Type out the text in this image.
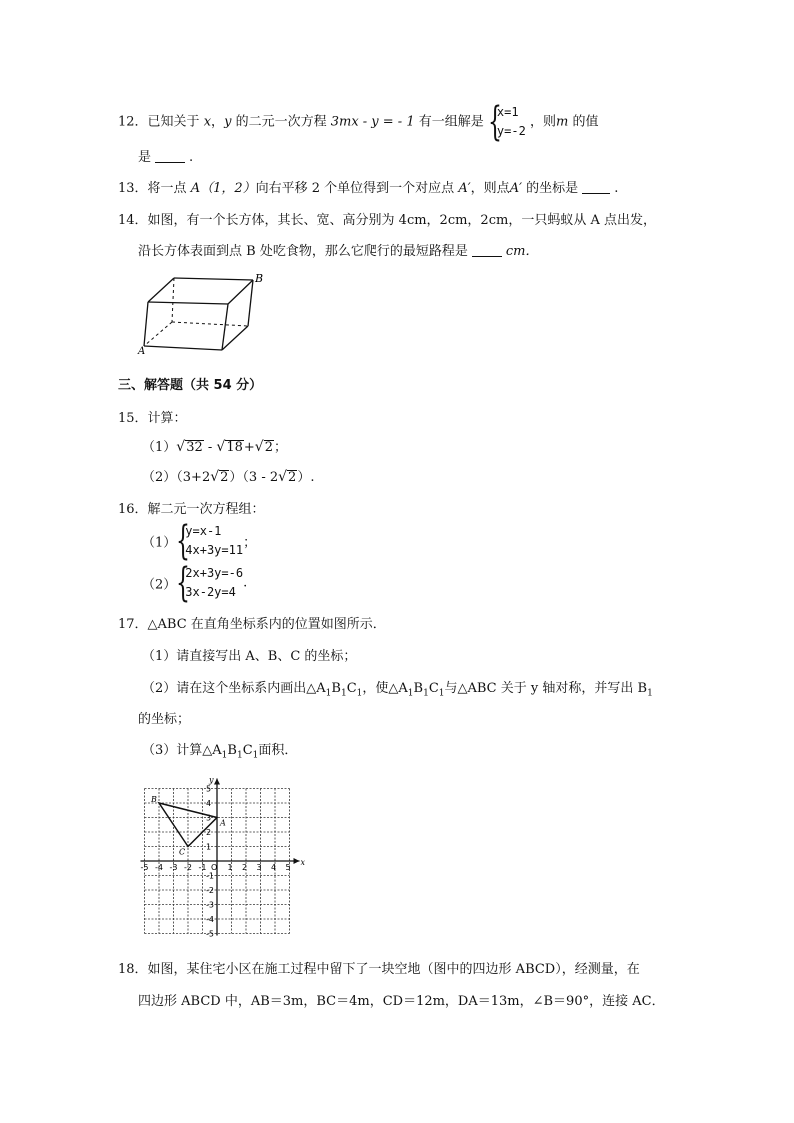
12．已知关于 x，y 的二元一次方程 3mx - y = - 1 有一组解是 {
x=1
y=-2 ，则m 的值
是	.
13．将一点 A（1，2）向右平移 2 个单位得到一个对应点 A′，则点A′ 的坐标是	.
14．如图，有一个长方体，其长、宽、高分别为 4cm，2cm，2cm，一只蚂蚁从 A 点出发，
沿长方体表面到点 B 处吃食物，那么它爬行的最短路程是	cm．
B
A
三、解答题（共 54 分）
15．计算：
（1）√32 - √18+√2；
（2）（3+2√2）（3 - 2√2）.
16．解二元一次方程组：
（1） {
y=x-1
4x+3y=11；
（2） {
2x+3y=-6
3x-2y=4.
17．△ABC 在直角坐标系内的位置如图所示．
（1）请直接写出 A、B、C 的坐标；
（2）请在这个坐标系内画出$\triangle A_1B_1C_1$，使$\triangle A_1B_1C_1$与△ABC 关于 y 轴对称，并写出 $B_1$
的坐标；
（3）计算$\triangle A_1B_1C_1$面积．
x
y
O
-5 -4 -3 -2 -1	1 2 3 4 5
5
4
3
2
1
-1
-2
-3
-4
-5
A
B
C
18．如图，某住宅小区在施工过程中留下了一块空地（图中的四边形 ABCD），经测量，在
四边形 ABCD 中，AB＝3m，BC＝4m，CD＝12m，DA＝13m，∠B＝90°，连接 AC．
